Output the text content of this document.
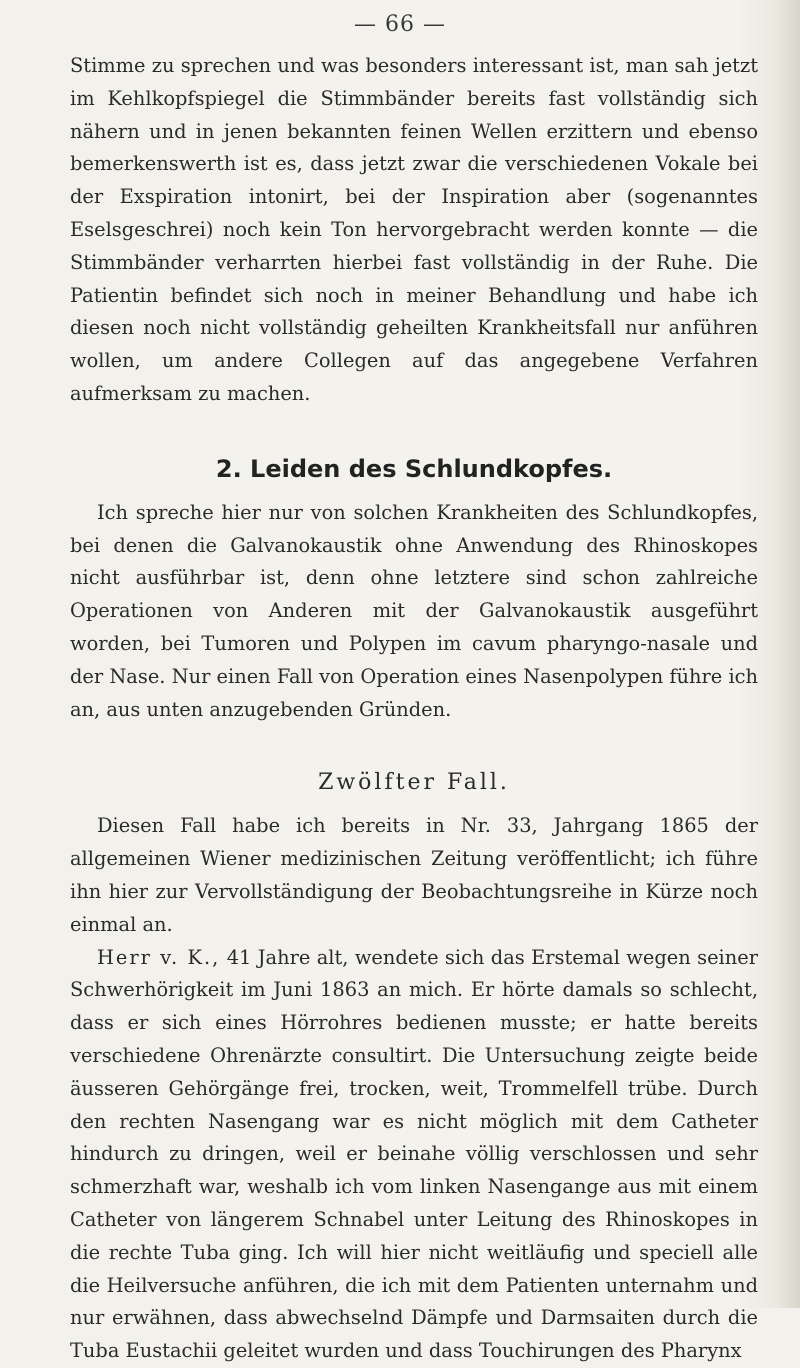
— 66 —

Stimme zu sprechen und was besonders interessant ist, man sah jetzt im Kehlkopfspiegel die Stimmbänder bereits fast vollständig sich nähern und in jenen bekannten feinen Wellen erzittern und ebenso bemerkenswerth ist es, dass jetzt zwar die verschiedenen Vokale bei der Exspiration intonirt, bei der Inspiration aber (sogenanntes Eselsgeschrei) noch kein Ton hervorgebracht werden konnte — die Stimmbänder verharrten hierbei fast vollständig in der Ruhe. Die Patientin befindet sich noch in meiner Behandlung und habe ich diesen noch nicht vollständig geheilten Krankheitsfall nur anführen wollen, um andere Collegen auf das angegebene Verfahren aufmerksam zu machen.

2. Leiden des Schlundkopfes.

Ich spreche hier nur von solchen Krankheiten des Schlundkopfes, bei denen die Galvanokaustik ohne Anwendung des Rhinoskopes nicht ausführbar ist, denn ohne letztere sind schon zahlreiche Operationen von Anderen mit der Galvanokaustik ausgeführt worden, bei Tumoren und Polypen im cavum pharyngo-nasale und der Nase. Nur einen Fall von Operation eines Nasenpolypen führe ich an, aus unten anzugebenden Gründen.

Zwölfter Fall.

Diesen Fall habe ich bereits in Nr. 33, Jahrgang 1865 der allgemeinen Wiener medizinischen Zeitung veröffentlicht; ich führe ihn hier zur Vervollständigung der Beobachtungsreihe in Kürze noch einmal an.

Herr v. K., 41 Jahre alt, wendete sich das Erstemal wegen seiner Schwerhörigkeit im Juni 1863 an mich. Er hörte damals so schlecht, dass er sich eines Hörrohres bedienen musste; er hatte bereits verschiedene Ohrenärzte consultirt. Die Untersuchung zeigte beide äusseren Gehörgänge frei, trocken, weit, Trommelfell trübe. Durch den rechten Nasengang war es nicht möglich mit dem Catheter hindurch zu dringen, weil er beinahe völlig verschlossen und sehr schmerzhaft war, weshalb ich vom linken Nasengange aus mit einem Catheter von längerem Schnabel unter Leitung des Rhinoskopes in die rechte Tuba ging. Ich will hier nicht weitläufig und speciell alle die Heilversuche anführen, die ich mit dem Patienten unternahm und nur erwähnen, dass abwechselnd Dämpfe und Darmsaiten durch die Tuba Eustachii geleitet wurden und dass Touchirungen des Pharynx
